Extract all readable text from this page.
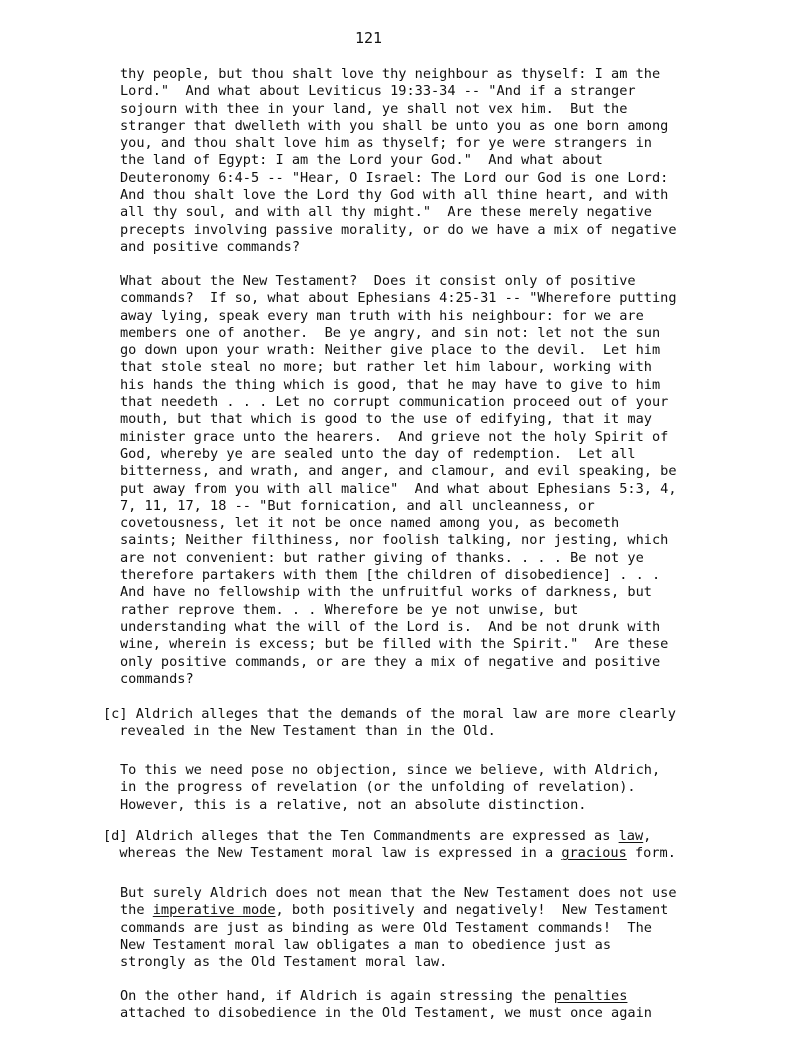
121

thy people, but thou shalt love thy neighbour as thyself: I am the
Lord."  And what about Leviticus 19:33-34 -- "And if a stranger
sojourn with thee in your land, ye shall not vex him.  But the
stranger that dwelleth with you shall be unto you as one born among
you, and thou shalt love him as thyself; for ye were strangers in
the land of Egypt: I am the Lord your God."  And what about
Deuteronomy 6:4-5 -- "Hear, O Israel: The Lord our God is one Lord:
And thou shalt love the Lord thy God with all thine heart, and with
all thy soul, and with all thy might."  Are these merely negative
precepts involving passive morality, or do we have a mix of negative
and positive commands?

What about the New Testament?  Does it consist only of positive
commands?  If so, what about Ephesians 4:25-31 -- "Wherefore putting
away lying, speak every man truth with his neighbour: for we are
members one of another.  Be ye angry, and sin not: let not the sun
go down upon your wrath: Neither give place to the devil.  Let him
that stole steal no more; but rather let him labour, working with
his hands the thing which is good, that he may have to give to him
that needeth . . . Let no corrupt communication proceed out of your
mouth, but that which is good to the use of edifying, that it may
minister grace unto the hearers.  And grieve not the holy Spirit of
God, whereby ye are sealed unto the day of redemption.  Let all
bitterness, and wrath, and anger, and clamour, and evil speaking, be
put away from you with all malice"  And what about Ephesians 5:3, 4,
7, 11, 17, 18 -- "But fornication, and all uncleanness, or
covetousness, let it not be once named among you, as becometh
saints; Neither filthiness, nor foolish talking, nor jesting, which
are not convenient: but rather giving of thanks. . . . Be not ye
therefore partakers with them [the children of disobedience] . . .
And have no fellowship with the unfruitful works of darkness, but
rather reprove them. . . Wherefore be ye not unwise, but
understanding what the will of the Lord is.  And be not drunk with
wine, wherein is excess; but be filled with the Spirit."  Are these
only positive commands, or are they a mix of negative and positive
commands?

[c] Aldrich alleges that the demands of the moral law are more clearly
revealed in the New Testament than in the Old.

To this we need pose no objection, since we believe, with Aldrich,
in the progress of revelation (or the unfolding of revelation).
However, this is a relative, not an absolute distinction.

[d] Aldrich alleges that the Ten Commandments are expressed as law,
whereas the New Testament moral law is expressed in a gracious form.

But surely Aldrich does not mean that the New Testament does not use
the imperative mode, both positively and negatively!  New Testament
commands are just as binding as were Old Testament commands!  The
New Testament moral law obligates a man to obedience just as
strongly as the Old Testament moral law.

On the other hand, if Aldrich is again stressing the penalties
attached to disobedience in the Old Testament, we must once again
